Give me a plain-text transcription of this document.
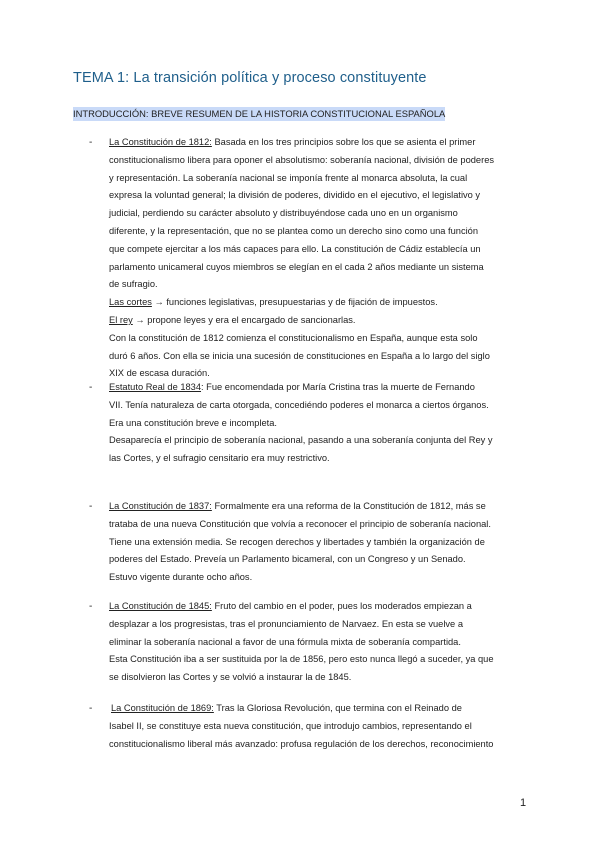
TEMA 1: La transición política y proceso constituyente
INTRODUCCIÓN: BREVE RESUMEN DE LA HISTORIA CONSTITUCIONAL ESPAÑOLA
- La Constitución de 1812: Basada en los tres principios sobre los que se asienta el primer
constitucionalismo libera para oponer el absolutismo: soberanía nacional, división de poderes
y representación. La soberanía nacional se imponía frente al monarca absoluta, la cual
expresa la voluntad general; la división de poderes, dividido en el ejecutivo, el legislativo y
judicial, perdiendo su carácter absoluto y distribuyéndose cada uno en un organismo
diferente, y la representación, que no se plantea como un derecho sino como una función
que compete ejercitar a los más capaces para ello. La constitución de Cádiz establecía un
parlamento unicameral cuyos miembros se elegían en el cada 2 años mediante un sistema
de sufragio.
Las cortes → funciones legislativas, presupuestarias y de fijación de impuestos.
El rey → propone leyes y era el encargado de sancionarlas.
Con la constitución de 1812 comienza el constitucionalismo en España, aunque esta solo
duró 6 años. Con ella se inicia una sucesión de constituciones en España a lo largo del siglo
XIX de escasa duración.
- Estatuto Real de 1834: Fue encomendada por María Cristina tras la muerte de Fernando
VII. Tenía naturaleza de carta otorgada, concediéndo poderes el monarca a ciertos órganos.
Era una constitución breve e incompleta.
Desaparecía el principio de soberanía nacional, pasando a una soberanía conjunta del Rey y
las Cortes, y el sufragio censitario era muy restrictivo.
- La Constitución de 1837: Formalmente era una reforma de la Constitución de 1812, más se
trataba de una nueva Constitución que volvía a reconocer el principio de soberanía nacional.
Tiene una extensión media. Se recogen derechos y libertades y también la organización de
poderes del Estado. Preveía un Parlamento bicameral, con un Congreso y un Senado.
Estuvo vigente durante ocho años.
- La Constitución de 1845: Fruto del cambio en el poder, pues los moderados empiezan a
desplazar a los progresistas, tras el pronunciamiento de Narvaez. En esta se vuelve a
eliminar la soberanía nacional a favor de una fórmula mixta de soberanía compartida.
Esta Constitución iba a ser sustituida por la de 1856, pero esto nunca llegó a suceder, ya que
se disolvieron las Cortes y se volvió a instaurar la de 1845.
- La Constitución de 1869: Tras la Gloriosa Revolución, que termina con el Reinado de
Isabel II, se constituye esta nueva constitución, que introdujo cambios, representando el
constitucionalismo liberal más avanzado: profusa regulación de los derechos, reconocimiento
1
